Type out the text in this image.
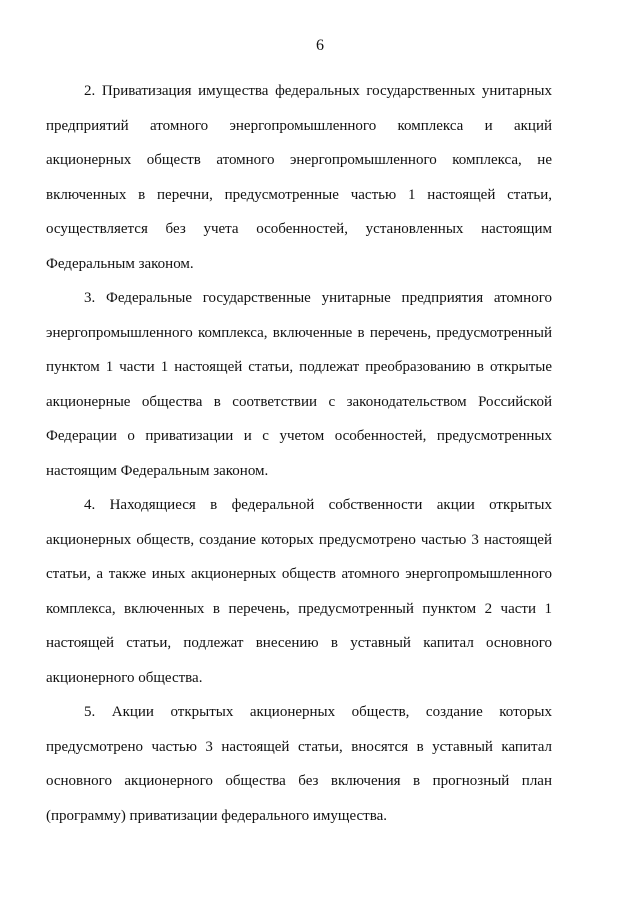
6

2. Приватизация имущества федеральных государственных унитарных предприятий атомного энергопромышленного комплекса и акций акционерных обществ атомного энергопромышленного комплекса, не включенных в перечни, предусмотренные частью 1 настоящей статьи, осуществляется без учета особенностей, установленных настоящим Федеральным законом.

3. Федеральные государственные унитарные предприятия атомного энергопромышленного комплекса, включенные в перечень, предусмотренный пунктом 1 части 1 настоящей статьи, подлежат преобразованию в открытые акционерные общества в соответствии с законодательством Российской Федерации о приватизации и с учетом особенностей, предусмотренных настоящим Федеральным законом.

4. Находящиеся в федеральной собственности акции открытых акционерных обществ, создание которых предусмотрено частью 3 настоящей статьи, а также иных акционерных обществ атомного энергопромышленного комплекса, включенных в перечень, предусмотренный пунктом 2 части 1 настоящей статьи, подлежат внесению в уставный капитал основного акционерного общества.

5. Акции открытых акционерных обществ, создание которых предусмотрено частью 3 настоящей статьи, вносятся в уставный капитал основного акционерного общества без включения в прогнозный план (программу) приватизации федерального имущества.
